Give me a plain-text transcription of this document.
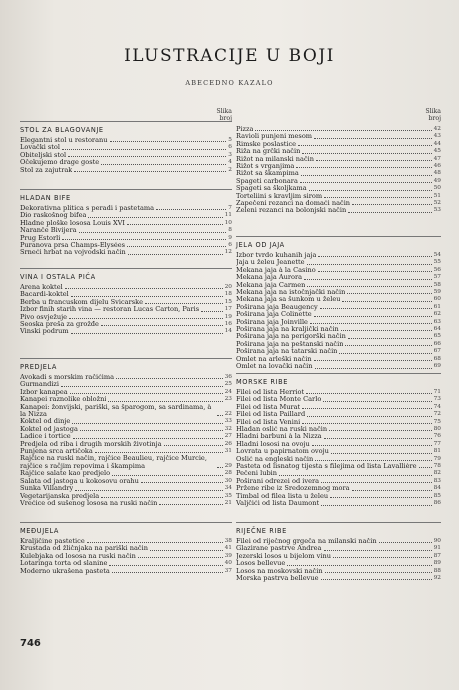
ILUSTRACIJE U BOJI
ABECEDNO KAZALO
Slika
broj
STOL ZA BLAGOVANJE
Elegantni stol u restoranu	5
Lovački stol	6
Obiteljski stol	3
Očekujemo drage goste	4
Stol za zajutrak	2
HLADAN BIFE
Dekorativna plitica s peradi i pastetama	7
Dio raskošnog bifea	11
Hladne ploške lososa Louis XVI	10
Naranče Bivijera	8
Prug Estorli	9
Puranova prsa Champs-Elysées	6
Srneći hrbat na vojvodski način	12
VINA I OSTALA PIĆA
Arena koktel	20
Bacardi-koktel	18
Berba u francuskom dijelu Švicarske	15
Izbor finih starih vina — restoran Lucas Carton, Paris	17
Pivo osvježuje	19
Seoska preša za grožđe	16
Vinski podrum	14
PREDJELA
Avokadi s morskim račićima	36
Gurmandizi	25
Izbor kanapea	24
Kanapei raznolike obložni	23
Kanapei: žonvijski, pariški, sa šparogom, sa sardinama, à la Nizza	22
Koktel od dinje	33
Koktel od jastoga	32
Ladice i tortice	27
Predjela od riba i drugih morskih životinja	26
Punjena srca artičoka	31
Rajčice na ruski način, rajčice Beaulieu, rajčice Murcie, rajčice s račjim repovima i škampima	29
Rajčice salate kao predjelo	28
Salata od jastoga u kokosovu orahu	30
Sunka Villandry	34
Vegetarijanska predjela	35
Vrećice od sušenog lososa na ruski način	21
MEĐUJELA
Kraljičine pastetice	38
Krustada od žličnjaka na pariški način	41
Kulebjaka od lososa na ruski način	39
Lotaringa torta od slanine	40
Moderno ukrašena pasteta	37
Slika
broj
Pizza	42
Ravioli punjeni mesom	43
Rimske poslastice	44
Riža na grčki način	45
Rižot na milanski način	47
Rižot s vrganjima	46
Rižot sa škampima	48
Spageti carbonara	49
Spageti sa školjkama	50
Torteliini s kravljim sirom	51
Zapečeni rezanci na domaći način	52
Zeleni rezanci na bolonjski način	53
JELA OD JAJA
Izbor tvrdo kuhanih jaja	54
Jaja u želeu Jeanette	55
Mekana jaja à la Casino	56
Mekana jaja Aurora	57
Mekana jaja Carmen	58
Mekana jaja na istočnjački način	59
Mekana jaja sa šunkom u želeu	60
Poširana jaja Beaugency	61
Poširana jaja Colinette	62
Poširana jaja Joinville	63
Poširana jaja na kraljički način	64
Poširana jaja na perigorški način	65
Poširana jaja na peštanski način	66
Poširana jaja na tatarski način	67
Omlet na arleški način	68
Omlet na lovački način	69
MORSKE RIBE
Filei od lista Herriot	71
Filei od lista Monte Carlo	73
Filei od lista Murat	74
Filei od lista Paillard	72
Filei od lista Venini	75
Hladan oslić na ruski način	80
Hladni barbuni à la Nizza	76
Hladni lososi na ovoju	77
Lovrata u papirnatom ovoju	81
Oslić na engleski način	79
Pasteta od lisnatog tijesta s filejima od lista Lavallière	78
Pečeni lubin	82
Poširani odrezei od ivera	83
Pržene ribe iz Sredozemnog mora	84
Timbal od filea lista u želeu	85
Valjčići od lista Daumont	86
RIJEČNE RIBE
Filei od riječnog grgeča na milanski način	90
Glazirane pastrve Andrea	91
Jezerski losos u bijelom vinu	87
Losos bellevue	89
Losos na moskovski način	88
Morska pastrva bellevue	92
746
